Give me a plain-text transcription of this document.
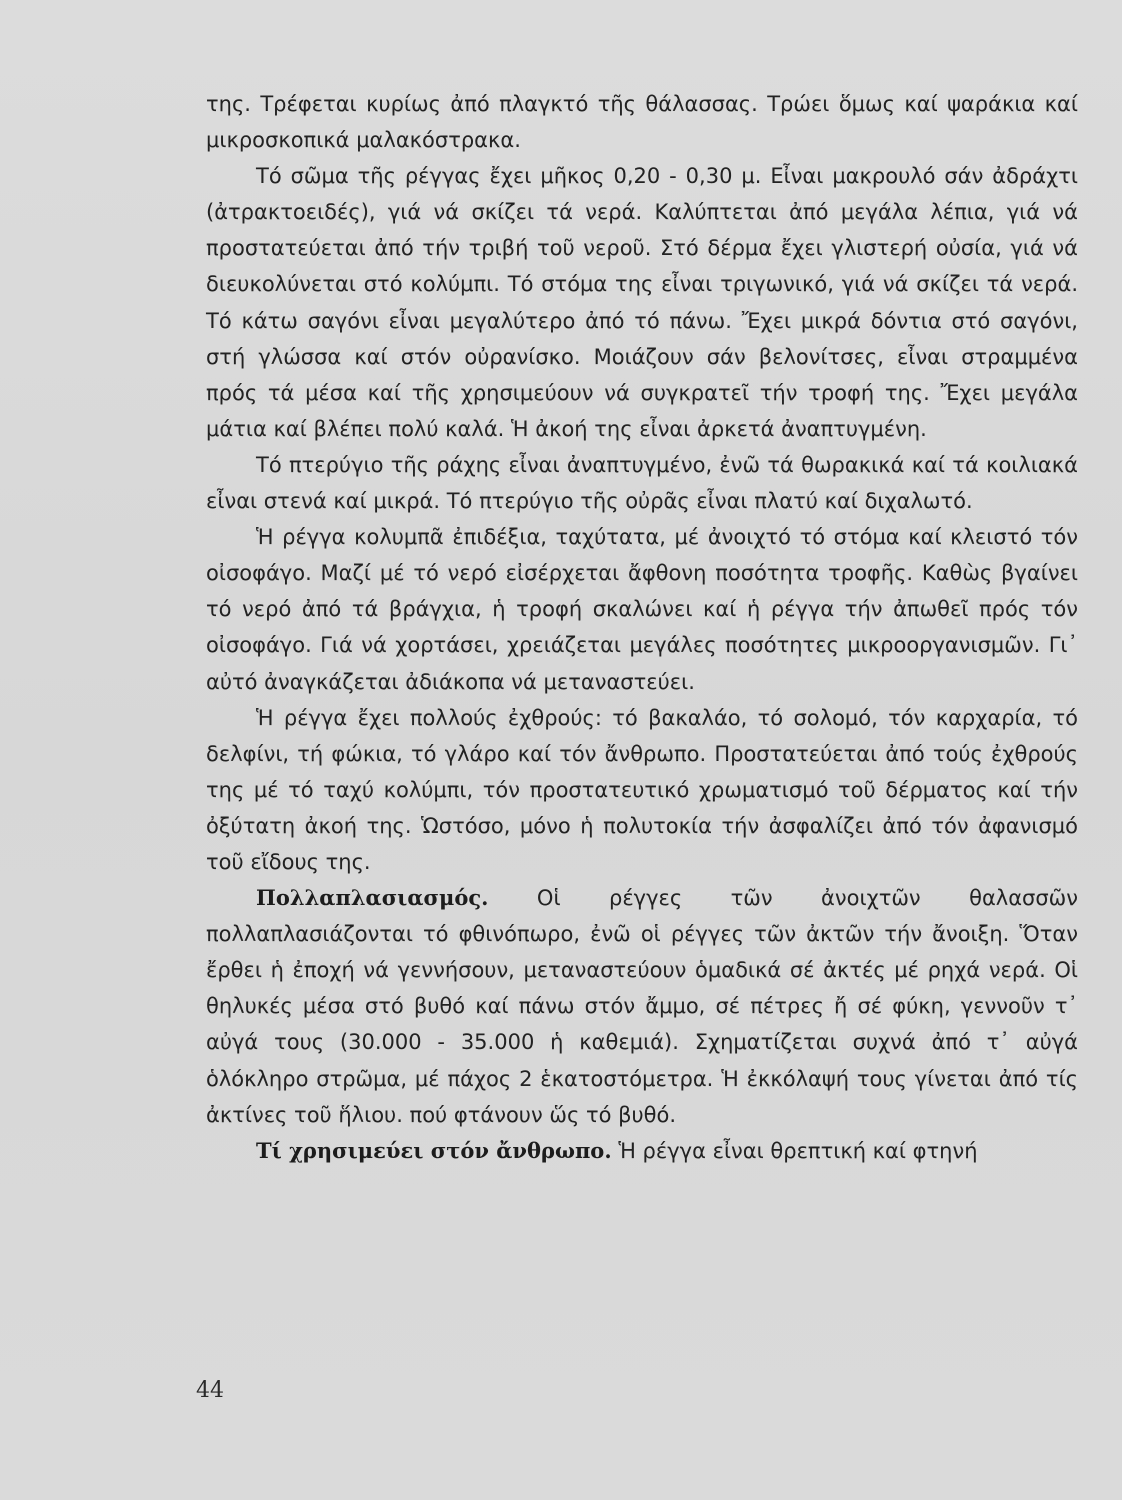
της. Τρέφεται κυρίως ἀπό πλαγκτό τῆς θάλασσας. Τρώει ὅμως καί ψαράκια καί μικροσκοπικά μαλακόστρακα.

Τό σῶμα τῆς ρέγγας ἔχει μῆκος 0,20 - 0,30 μ. Εἶναι μακρουλό σάν ἀδράχτι (ἀτρακτοειδές), γιά νά σκίζει τά νερά. Καλύπτεται ἀπό μεγάλα λέπια, γιά νά προστατεύεται ἀπό τήν τριβή τοῦ νεροῦ. Στό δέρμα ἔχει γλιστερή οὐσία, γιά νά διευκολύνεται στό κολύμπι. Τό στόμα της εἶναι τριγωνικό, γιά νά σκίζει τά νερά. Τό κάτω σαγόνι εἶναι μεγαλύτερο ἀπό τό πάνω. Ἔχει μικρά δόντια στό σαγόνι, στή γλώσσα καί στόν οὐρανίσκο. Μοιάζουν σάν βελονίτσες, εἶναι στραμμένα πρός τά μέσα καί τῆς χρησιμεύουν νά συγκρατεῖ τήν τροφή της. Ἔχει μεγάλα μάτια καί βλέπει πολύ καλά. Ἡ ἀκοή της εἶναι ἀρκετά ἀναπτυγμένη.

Τό πτερύγιο τῆς ράχης εἶναι ἀναπτυγμένο, ἐνῶ τά θωρακικά καί τά κοιλιακά εἶναι στενά καί μικρά. Τό πτερύγιο τῆς οὐρᾶς εἶναι πλατύ καί διχαλωτό.

Ἡ ρέγγα κολυμπᾶ ἐπιδέξια, ταχύτατα, μέ ἀνοιχτό τό στόμα καί κλειστό τόν οἰσοφάγο. Μαζί μέ τό νερό εἰσέρχεται ἄφθονη ποσότητα τροφῆς. Καθὼς βγαίνει τό νερό ἀπό τά βράγχια, ἡ τροφή σκαλώνει καί ἡ ρέγγα τήν ἀπωθεῖ πρός τόν οἰσοφάγο. Γιά νά χορτάσει, χρειάζεται μεγάλες ποσότητες μικροοργανισμῶν. Γι᾿ αὐτό ἀναγκάζεται ἀδιάκοπα νά μεταναστεύει.

Ἡ ρέγγα ἔχει πολλούς ἐχθρούς: τό βακαλάο, τό σολομό, τόν καρχαρία, τό δελφίνι, τή φώκια, τό γλάρο καί τόν ἄνθρωπο. Προστατεύεται ἀπό τούς ἐχθρούς της μέ τό ταχύ κολύμπι, τόν προστατευτικό χρωματισμό τοῦ δέρματος καί τήν ὀξύτατη ἀκοή της. Ὡστόσο, μόνο ἡ πολυτοκία τήν ἀσφαλίζει ἀπό τόν ἀφανισμό τοῦ εἴδους της.

Πολλαπλασιασμός. Οἱ ρέγγες τῶν ἀνοιχτῶν θαλασσῶν πολλαπλασιάζονται τό φθινόπωρο, ἐνῶ οἱ ρέγγες τῶν ἀκτῶν τήν ἄνοιξη. Ὅταν ἔρθει ἡ ἐποχή νά γεννήσουν, μεταναστεύουν ὁμαδικά σέ ἀκτές μέ ρηχά νερά. Οἱ θηλυκές μέσα στό βυθό καί πάνω στόν ἄμμο, σέ πέτρες ἤ σέ φύκη, γεννοῦν τ᾿ αὐγά τους (30.000 - 35.000 ἡ καθεμιά). Σχηματίζεται συχνά ἀπό τ᾿ αὐγά ὁλόκληρο στρῶμα, μέ πάχος 2 ἑκατοστόμετρα. Ἡ ἐκκόλαψή τους γίνεται ἀπό τίς ἀκτίνες τοῦ ἥλιου. πού φτάνουν ὥς τό βυθό.

Τί χρησιμεύει στόν ἄνθρωπο. Ἡ ρέγγα εἶναι θρεπτική καί φτηνή

44
